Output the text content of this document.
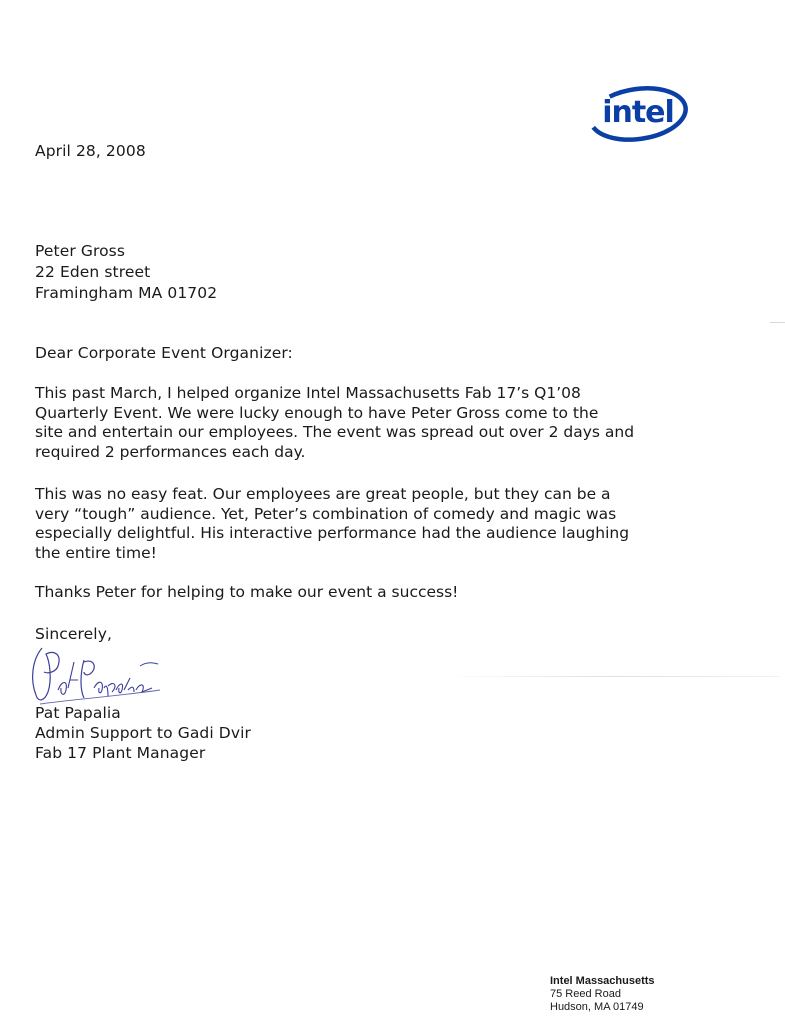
intel
April 28, 2008
Peter Gross
22 Eden street
Framingham MA 01702
Dear Corporate Event Organizer:
This past March, I helped organize Intel Massachusetts Fab 17’s Q1’08
Quarterly Event. We were lucky enough to have Peter Gross come to the
site and entertain our employees. The event was spread out over 2 days and
required 2 performances each day.
This was no easy feat. Our employees are great people, but they can be a
very “tough” audience. Yet, Peter’s combination of comedy and magic was
especially delightful. His interactive performance had the audience laughing
the entire time!
Thanks Peter for helping to make our event a success!
Sincerely,
Pat Papalia
Admin Support to Gadi Dvir
Fab 17 Plant Manager
Intel Massachusetts
75 Reed Road
Hudson, MA 01749
